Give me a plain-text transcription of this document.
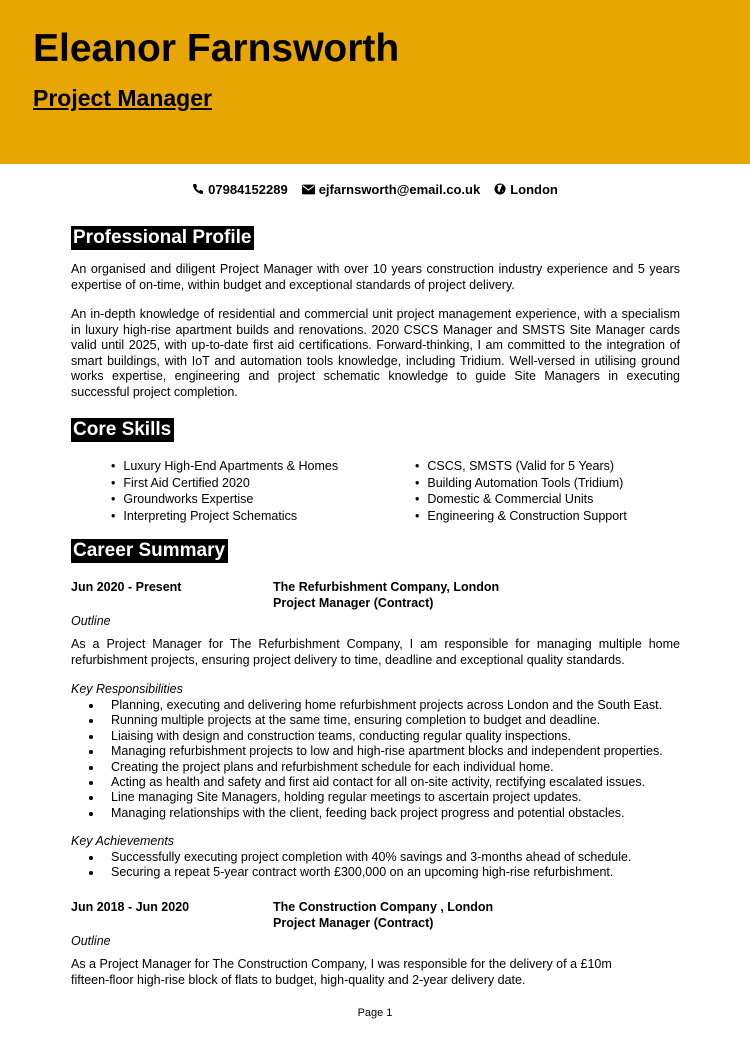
Eleanor Farnsworth
Project Manager
07984152289 ejfarnsworth@email.co.uk London
Professional Profile

An organised and diligent Project Manager with over 10 years construction industry experience and 5 years expertise of on-time, within budget and exceptional standards of project delivery.

An in-depth knowledge of residential and commercial unit project management experience, with a specialism in luxury high-rise apartment builds and renovations. 2020 CSCS Manager and SMSTS Site Manager cards valid until 2025, with up-to-date first aid certifications. Forward-thinking, I am committed to the integration of smart buildings, with IoT and automation tools knowledge, including Tridium. Well-versed in utilising ground works expertise, engineering and project schematic knowledge to guide Site Managers in executing successful project completion.

Core Skills
• Luxury High-End Apartments & Homes
• First Aid Certified 2020
• Groundworks Expertise
• Interpreting Project Schematics
• CSCS, SMSTS (Valid for 5 Years)
• Building Automation Tools (Tridium)
• Domestic & Commercial Units
• Engineering & Construction Support
Career Summary

Jun 2020 - Present	The Refurbishment Company, London

Project Manager (Contract)

Outline

As a Project Manager for The Refurbishment Company, I am responsible for managing multiple home refurbishment projects, ensuring project delivery to time, deadline and exceptional quality standards.

Key Responsibilities

Planning, executing and delivering home refurbishment projects across London and the South East.
Running multiple projects at the same time, ensuring completion to budget and deadline.
Liaising with design and construction teams, conducting regular quality inspections.
Managing refurbishment projects to low and high-rise apartment blocks and independent properties.
Creating the project plans and refurbishment schedule for each individual home.
Acting as health and safety and first aid contact for all on-site activity, rectifying escalated issues.
Line managing Site Managers, holding regular meetings to ascertain project updates.
Managing relationships with the client, feeding back project progress and potential obstacles.

Key Achievements

Successfully executing project completion with 40% savings and 3-months ahead of schedule.
Securing a repeat 5-year contract worth £300,000 on an upcoming high-rise refurbishment.

Jun 2018 - Jun 2020	The Construction Company , London

Project Manager (Contract)

Outline

As a Project Manager for The Construction Company, I was responsible for the delivery of a £10m fifteen-floor high-rise block of flats to budget, high-quality and 2-year delivery date.

Page 1
